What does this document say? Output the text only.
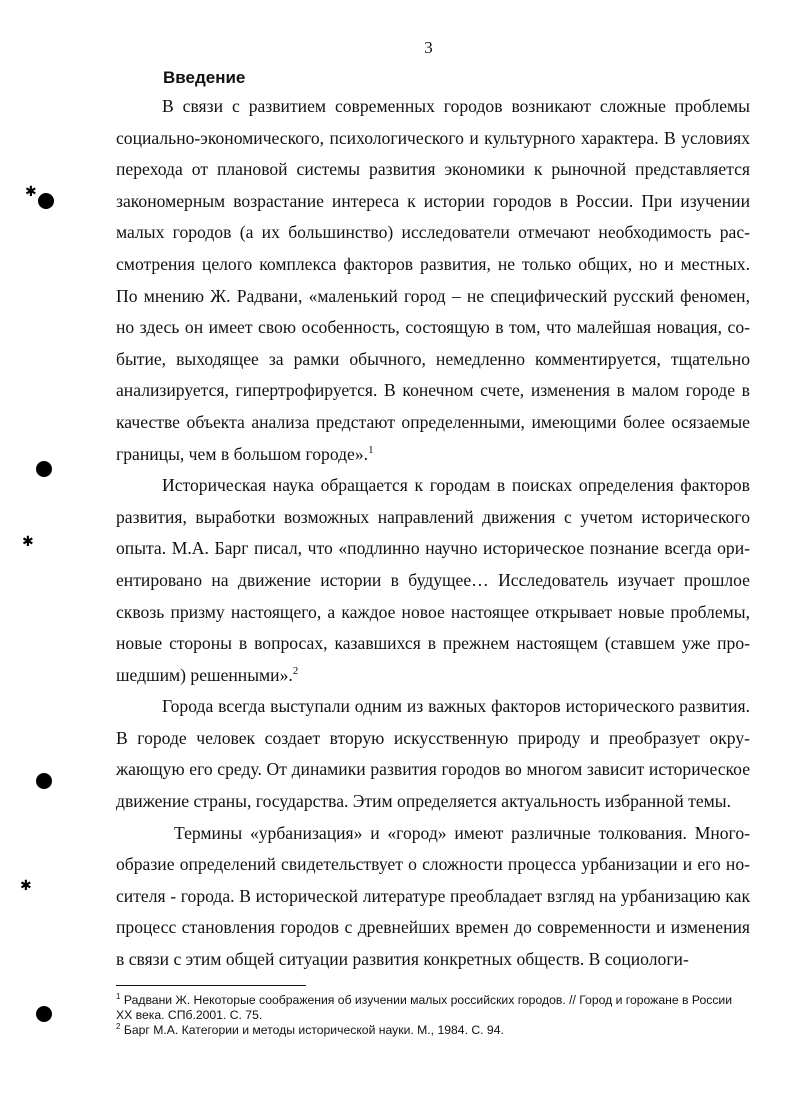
3
Введение

В связи с развитием современных городов возникают сложные проблемы социально-экономического, психологического и культурного характера. В условиях перехода от плановой системы развития экономики к рыночной представляется закономерным возрастание интереса к истории городов в России. При изучении малых городов (а их большинство) исследователи отмечают необходимость рассмотрения целого комплекса факторов развития, не только общих, но и местных. По мнению Ж. Радвани, «маленький город – не специфический русский феномен, но здесь он имеет свою особенность, состоящую в том, что малейшая новация, событие, выходящее за рамки обычного, немедленно комментируется, тщательно анализируется, гипертрофируется. В конечном счете, изменения в малом городе в качестве объекта анализа предстают определенными, имеющими более осязаемые границы, чем в большом городе».$^1$

Историческая наука обращается к городам в поисках определения факторов развития, выработки возможных направлений движения с учетом исторического опыта. М.А. Барг писал, что «подлинно научно историческое познание всегда ориентировано на движение истории в будущее… Исследователь изучает прошлое сквозь призму настоящего, а каждое новое настоящее открывает новые проблемы, новые стороны в вопросах, казавшихся в прежнем настоящем (ставшем уже прошедшим) решенными».$^2$

Города всегда выступали одним из важных факторов исторического развития. В городе человек создает вторую искусственную природу и преобразует окружающую его среду. От динамики развития городов во многом зависит историческое движение страны, государства. Этим определяется актуальность избранной темы.

Термины «урбанизация» и «город» имеют различные толкования. Многообразие определений свидетельствует о сложности процесса урбанизации и его носителя - города. В исторической литературе преобладает взгляд на урбанизацию как процесс становления городов с древнейших времен до современности и изменения в связи с этим общей ситуации развития конкретных обществ. В социологи-

$^1$ Радвани Ж. Некоторые соображения об изучении малых российских городов. // Город и горожане в России XX века. СПб.2001. С. 75.

$^2$ Барг М.А. Категории и методы исторической науки. М., 1984. С. 94.

✱
✱
✱
